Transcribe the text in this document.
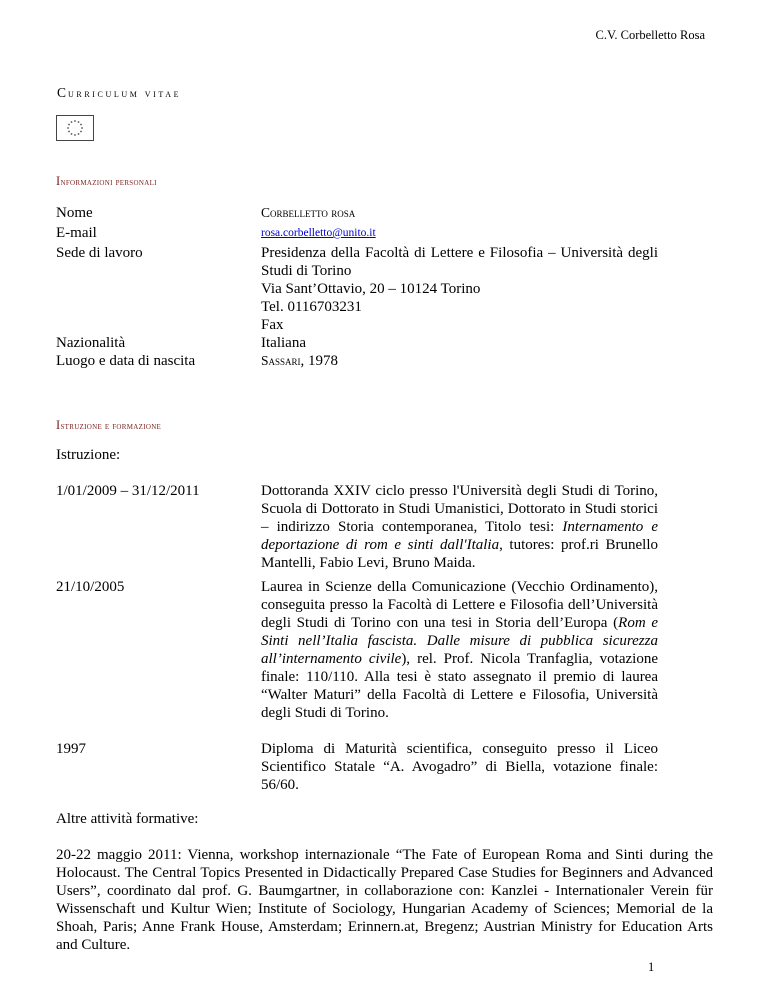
C.V. Corbelletto Rosa
Curriculum vitae
Informazioni personali
Nome	Corbelletto rosa
E-mail	rosa.corbelletto@unito.it
Sede di lavoro	Presidenza della Facoltà di Lettere e Filosofia – Università degli Studi di Torino

Via Sant’Ottavio, 20 – 10124 Torino

Tel. 0116703231

Fax

Nazionalità	Italiana
Luogo e data di nascita	Sassari, 1978
Istruzione e formazione
Istruzione:
1/01/2009 – 31/12/2011	Dottoranda XXIV ciclo presso l'Università degli Studi di Torino, Scuola di Dottorato in Studi Umanistici, Dottorato in Studi storici – indirizzo Storia contemporanea, Titolo tesi: Internamento e deportazione di rom e sinti dall'Italia, tutores: prof.ri Brunello Mantelli, Fabio Levi, Bruno Maida.
21/10/2005	Laurea in Scienze della Comunicazione (Vecchio Ordinamento), conseguita presso la Facoltà di Lettere e Filosofia dell’Università degli Studi di Torino con una tesi in Storia dell’Europa (Rom e Sinti nell’Italia fascista. Dalle misure di pubblica sicurezza all’internamento civile), rel. Prof. Nicola Tranfaglia, votazione finale: 110/110. Alla tesi è stato assegnato il premio di laurea “Walter Maturi” della Facoltà di Lettere e Filosofia, Università degli Studi di Torino.
1997	Diploma di Maturità scientifica, conseguito presso il Liceo Scientifico Statale “A. Avogadro” di Biella, votazione finale: 56/60.
Altre attività formative:
20-22 maggio 2011: Vienna, workshop internazionale “The Fate of European Roma and Sinti during the Holocaust. The Central Topics Presented in Didactically Prepared Case Studies for Beginners and Advanced Users”, coordinato dal prof. G. Baumgartner, in collaborazione con: Kanzlei - Internationaler Verein für Wissenschaft und Kultur Wien; Institute of Sociology, Hungarian Academy of Sciences; Memorial de la Shoah, Paris; Anne Frank House, Amsterdam; Erinnern.at, Bregenz; Austrian Ministry for Education Arts and Culture.
1
